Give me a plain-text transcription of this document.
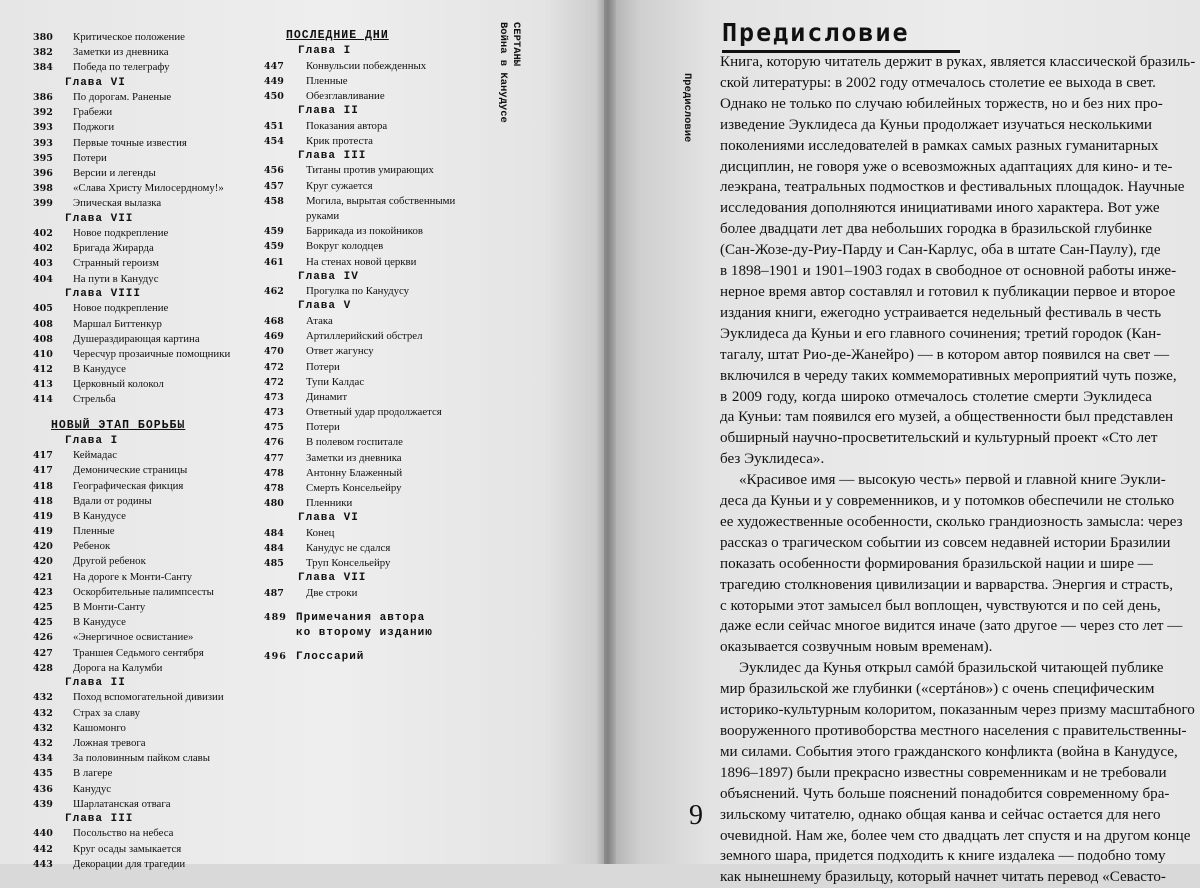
380 Критическое положение
382 Заметки из дневника
384 Победа по телеграфу
Глава VI
386 По дорогам. Раненые
392 Грабежи
393 Поджоги
393 Первые точные известия
395 Потери
396 Версии и легенды
398 «Слава Христу Милосердному!»
399 Эпическая вылазка
Глава VII
402 Новое подкрепление
402 Бригада Жирарда
403 Странный героизм
404 На пути в Канудус
Глава VIII
405 Новое подкрепление
408 Маршал Биттенкур
408 Душераздирающая картина
410 Чересчур прозаичные помощники
412 В Канудусе
413 Церковный колокол
414 Стрельба
НОВЫЙ ЭТАП БОРЬБЫ
Глава I
417 Кеймадас
417 Демонические страницы
418 Географическая фикция
418 Вдали от родины
419 В Канудусе
419 Пленные
420 Ребенок
420 Другой ребенок
421 На дороге к Монти-Санту
423 Оскорбительные палимпсесты
425 В Монти-Санту
425 В Канудусе
426 «Энергичное освистание»
427 Траншея Седьмого сентября
428 Дорога на Калумби
Глава II
432 Поход вспомогательной дивизии
432 Страх за славу
432 Кашомонго
432 Ложная тревога
434 За половинным пайком славы
435 В лагере
436 Канудус
439 Шарлатанская отвага
Глава III
440 Посольство на небеса
442 Круг осады замыкается
443 Декорации для трагедии
ПОСЛЕДНИЕ ДНИ
Глава I
447 Конвульсии побежденных
449 Пленные
450 Обезглавливание
Глава II
451 Показания автора
454 Крик протеста
Глава III
456 Титаны против умирающих
457 Круг сужается
458 Могила, вырытая собственными
руками
459 Баррикада из покойников
459 Вокруг колодцев
461 На стенах новой церкви
Глава IV
462 Прогулка по Канудусу
Глава V
468 Атака
469 Артиллерийский обстрел
470 Ответ жагунсу
472 Потери
472 Тупи Калдас
473 Динамит
473 Ответный удар продолжается
475 Потери
476 В полевом госпитале
477 Заметки из дневника
478 Антонну Блаженный
478 Смерть Консельейру
480 Пленники
Глава VI
484 Конец
484 Канудус не сдался
485 Труп Консельейру
Глава VII
487 Две строки
489 Примечания автора
ко второму изданию
496 Глоссарий
СЕРТАНЫ
Война в Канудусе	Предисловие
Предисловие
Книга, которую читатель держит в руках, является классической бразиль-
ской литературы: в 2002 году отмечалось столетие ее выхода в свет.
Однако не только по случаю юбилейных торжеств, но и без них про-
изведение Эуклидеса да Куньи продолжает изучаться несколькими
поколениями исследователей в рамках самых разных гуманитарных
дисциплин, не говоря уже о всевозможных адаптациях для кино- и те-
леэкрана, театральных подмостков и фестивальных площадок. Научные
исследования дополняются инициативами иного характера. Вот уже
более двадцати лет два небольших городка в бразильской глубинке
(Сан-Жозе-ду-Риу-Парду и Сан-Карлус, оба в штате Сан-Паулу), где
в 1898–1901 и 1901–1903 годах в свободное от основной работы инже-
нерное время автор составлял и готовил к публикации первое и второе
издания книги, ежегодно устраивается недельный фестиваль в честь
Эуклидеса да Куньи и его главного сочинения; третий городок (Кан-
тагалу, штат Рио-де-Жанейро) — в котором автор появился на свет —
включился в череду таких коммеморативных мероприятий чуть позже,
в 2009 году, когда широко отмечалось столетие смерти Эуклидеса
да Куньи: там появился его музей, а общественности был представлен
обширный научно-просветительский и культурный проект «Сто лет
без Эуклидеса».
«Красивое имя — высокую честь» первой и главной книге Эукли-
деса да Куньи и у современников, и у потомков обеспечили не столько
ее художественные особенности, сколько грандиозность замысла: через
рассказ о трагическом событии из совсем недавней истории Бразилии
показать особенности формирования бразильской нации и шире —
трагедию столкновения цивилизации и варварства. Энергия и страсть,
с которыми этот замысел был воплощен, чувствуются и по сей день,
даже если сейчас многое видится иначе (зато другое — через сто лет —
оказывается созвучным новым временам).
Эуклидес да Кунья открыл самóй бразильской читающей публике
мир бразильской же глубинки («сертáнов») с очень специфическим
историко-культурным колоритом, показанным через призму масштабного
вооруженного противоборства местного населения с правительственны-
ми силами. События этого гражданского конфликта (война в Канудусе,
1896–1897) были прекрасно известны современникам и не требовали
объяснений. Чуть больше пояснений понадобится современному бра-
зильскому читателю, однако общая канва и сейчас остается для него
очевидной. Нам же, более чем сто двадцать лет спустя и на другом конце
земного шара, придется подходить к книге издалека — подобно тому
как нынешнему бразильцу, который начнет читать перевод «Севасто-
9
